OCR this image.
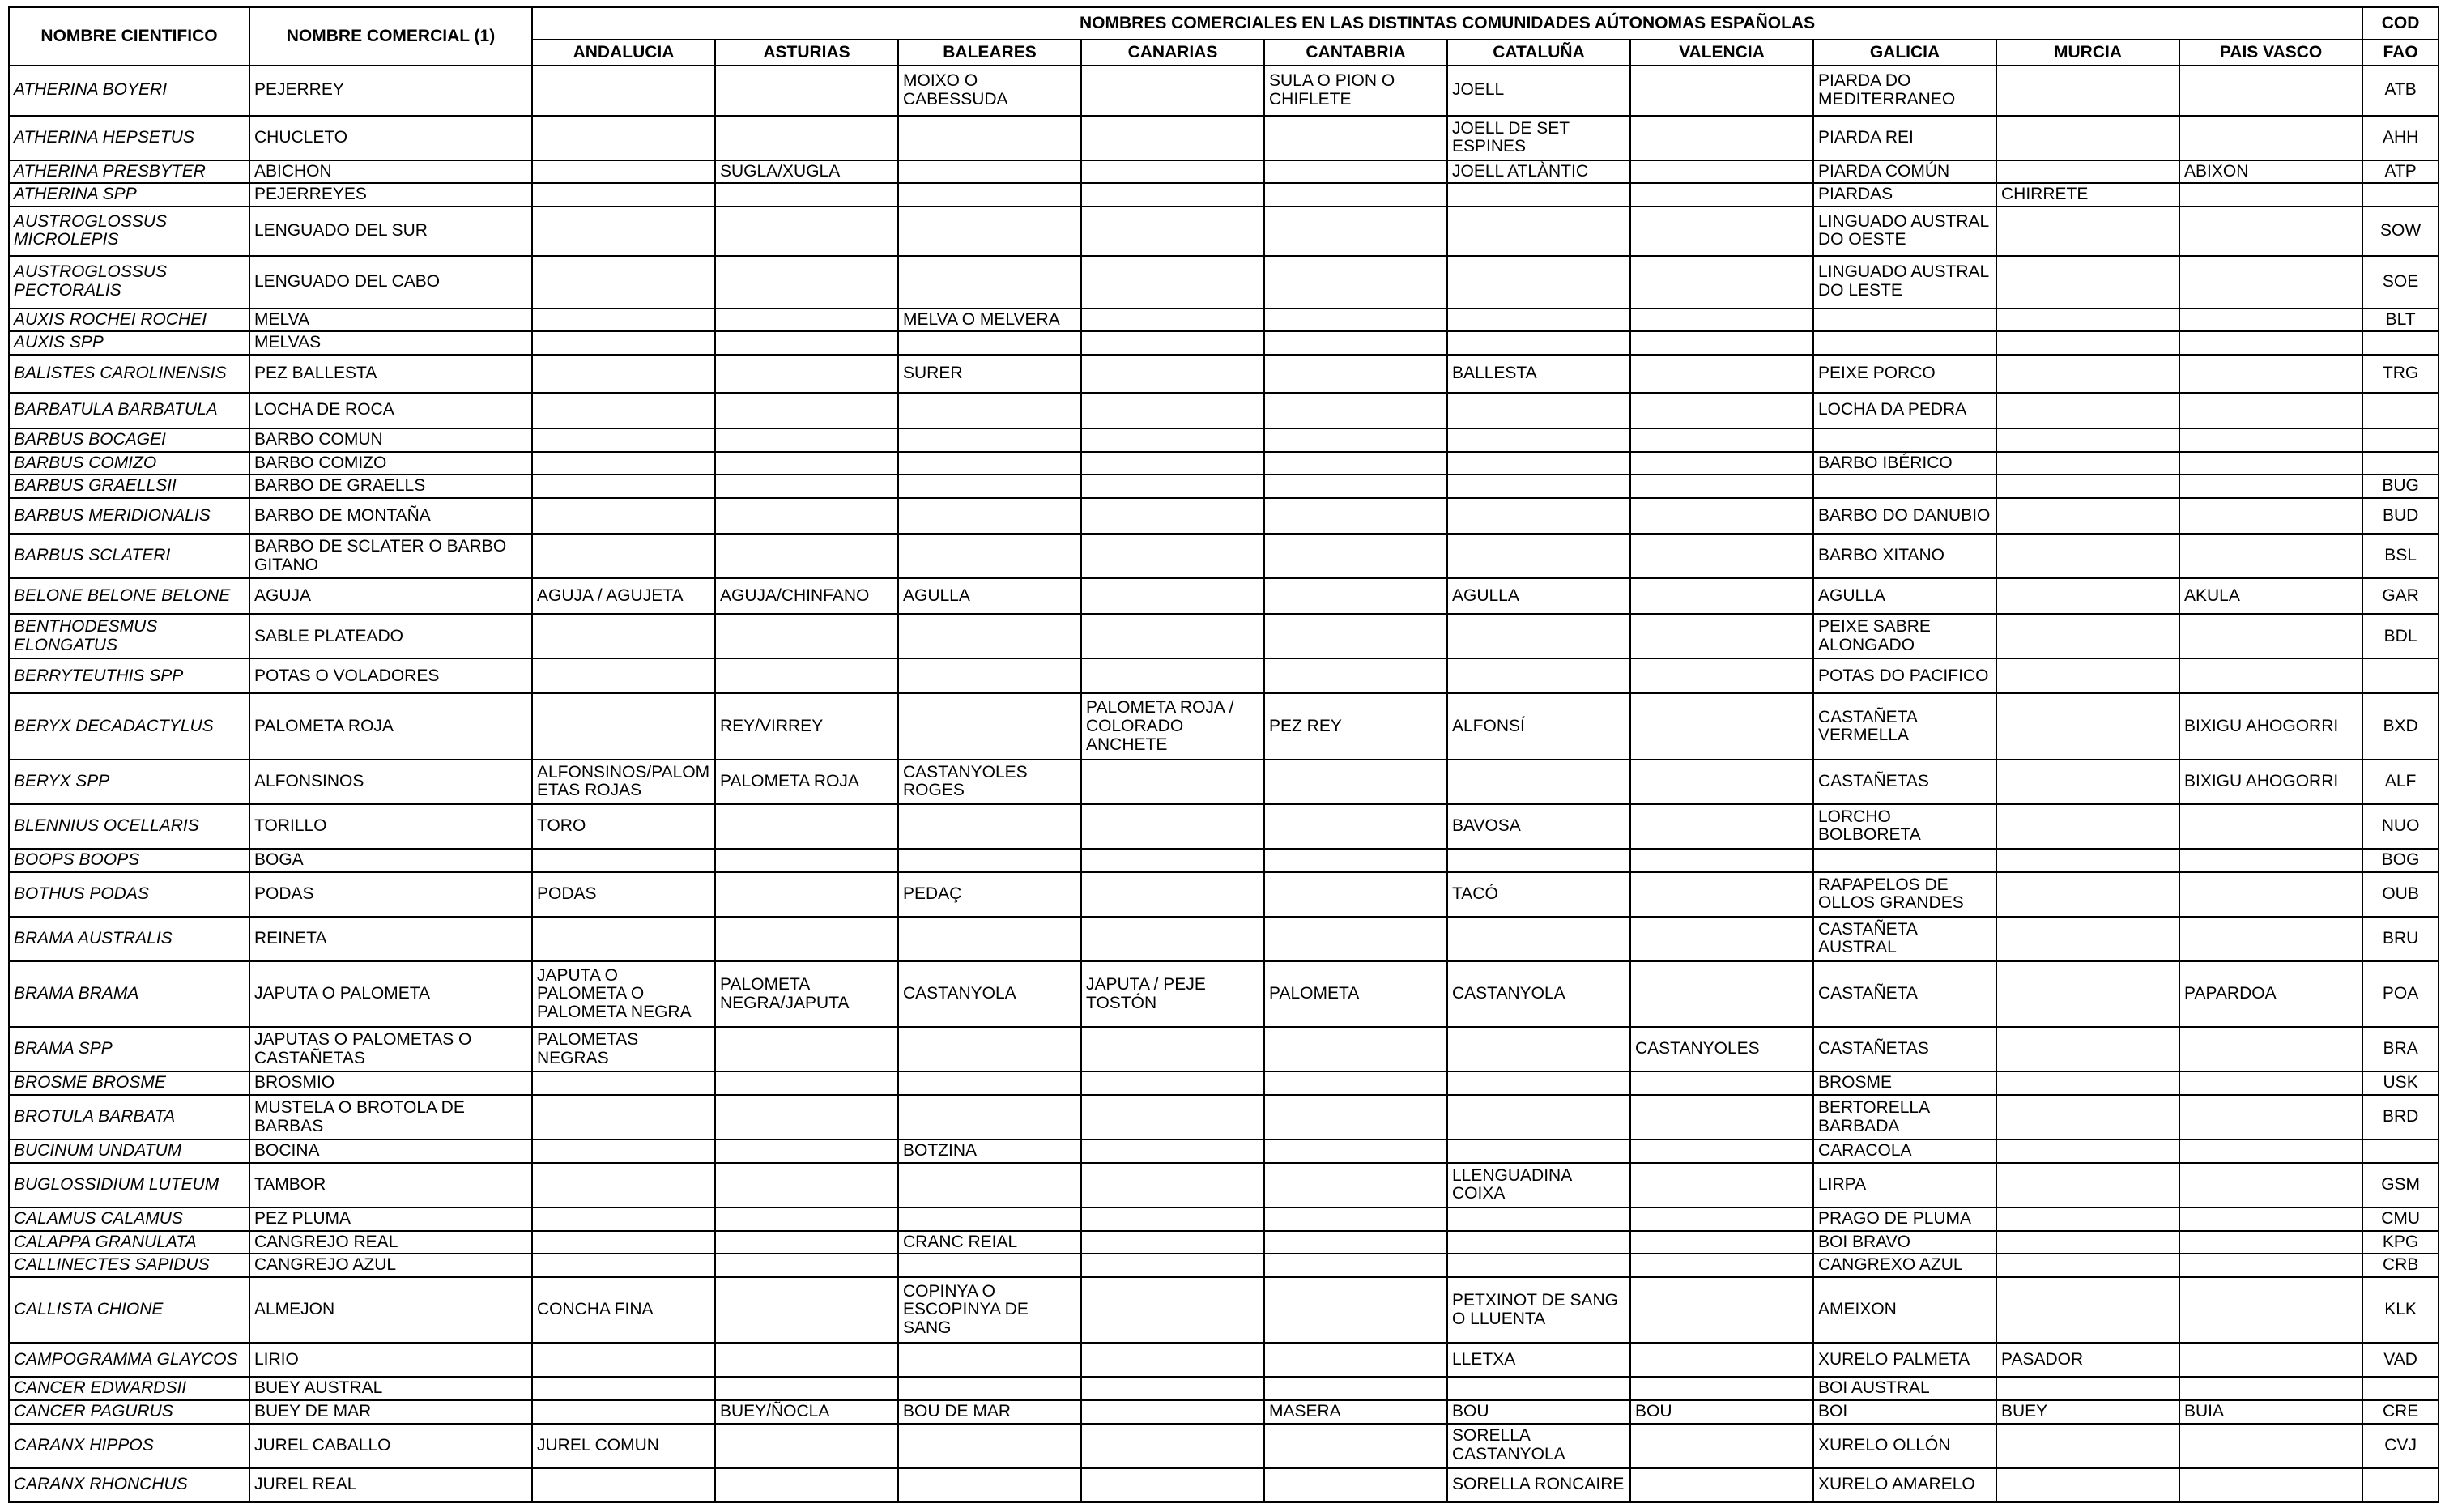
NOMBRE CIENTIFICO	NOMBRE COMERCIAL (1)	NOMBRES COMERCIALES EN LAS DISTINTAS COMUNIDADES AÚTONOMAS ESPAÑOLAS										COD
		ANDALUCIA	ASTURIAS	BALEARES	CANARIAS	CANTABRIA	CATALUÑA	VALENCIA	GALICIA	MURCIA	PAIS VASCO	FAO
ATHERINA BOYERI	PEJERREY			MOIXO O CABESSUDA		SULA O PION O CHIFLETE	JOELL		PIARDA DO MEDITERRANEO			ATB
ATHERINA HEPSETUS	CHUCLETO						JOELL DE SET ESPINES		PIARDA REI			AHH
ATHERINA PRESBYTER	ABICHON		SUGLA/XUGLA				JOELL ATLÀNTIC		PIARDA COMÚN		ABIXON	ATP
ATHERINA SPP	PEJERREYES								PIARDAS	CHIRRETE		
AUSTROGLOSSUS MICROLEPIS	LENGUADO DEL SUR								LINGUADO AUSTRAL DO OESTE			SOW
AUSTROGLOSSUS PECTORALIS	LENGUADO DEL CABO								LINGUADO AUSTRAL DO LESTE			SOE
AUXIS ROCHEI ROCHEI	MELVA			MELVA O MELVERA								BLT
AUXIS SPP	MELVAS											
BALISTES CAROLINENSIS	PEZ BALLESTA			SURER			BALLESTA		PEIXE PORCO			TRG
BARBATULA BARBATULA	LOCHA DE ROCA								LOCHA DA PEDRA			
BARBUS BOCAGEI	BARBO COMUN											
BARBUS COMIZO	BARBO COMIZO								BARBO IBÉRICO			
BARBUS GRAELLSII	BARBO DE GRAELLS											BUG
BARBUS MERIDIONALIS	BARBO DE MONTAÑA								BARBO DO DANUBIO			BUD
BARBUS SCLATERI	BARBO DE SCLATER O BARBO GITANO								BARBO XITANO			BSL
BELONE BELONE BELONE	AGUJA	AGUJA / AGUJETA	AGUJA/CHINFANO	AGULLA			AGULLA		AGULLA		AKULA	GAR
BENTHODESMUS ELONGATUS	SABLE PLATEADO								PEIXE SABRE ALONGADO			BDL
BERRYTEUTHIS SPP	POTAS O VOLADORES								POTAS DO PACIFICO			
BERYX DECADACTYLUS	PALOMETA ROJA		REY/VIRREY		PALOMETA ROJA / COLORADO ANCHETE	PEZ REY	ALFONSÍ		CASTAÑETA VERMELLA		BIXIGU AHOGORRI	BXD
BERYX SPP	ALFONSINOS	ALFONSINOS/PALOMETAS ROJAS	PALOMETA ROJA	CASTANYOLES ROGES					CASTAÑETAS		BIXIGU AHOGORRI	ALF
BLENNIUS OCELLARIS	TORILLO	TORO					BAVOSA		LORCHO BOLBORETA			NUO
BOOPS BOOPS	BOGA											BOG
BOTHUS PODAS	PODAS	PODAS		PEDAÇ			TACÓ		RAPAPELOS DE OLLOS GRANDES			OUB
BRAMA AUSTRALIS	REINETA								CASTAÑETA AUSTRAL			BRU
BRAMA BRAMA	JAPUTA O PALOMETA	JAPUTA O PALOMETA O PALOMETA NEGRA	PALOMETA NEGRA/JAPUTA	CASTANYOLA	JAPUTA / PEJE TOSTÓN	PALOMETA	CASTANYOLA		CASTAÑETA		PAPARDOA	POA
BRAMA SPP	JAPUTAS O PALOMETAS O CASTAÑETAS	PALOMETAS NEGRAS						CASTANYOLES	CASTAÑETAS			BRA
BROSME BROSME	BROSMIO								BROSME			USK
BROTULA BARBATA	MUSTELA O BROTOLA DE BARBAS								BERTORELLA BARBADA			BRD
BUCINUM UNDATUM	BOCINA			BOTZINA					CARACOLA			
BUGLOSSIDIUM LUTEUM	TAMBOR						LLENGUADINA COIXA		LIRPA			GSM
CALAMUS CALAMUS	PEZ PLUMA								PRAGO DE PLUMA			CMU
CALAPPA GRANULATA	CANGREJO REAL			CRANC REIAL					BOI BRAVO			KPG
CALLINECTES SAPIDUS	CANGREJO AZUL								CANGREXO AZUL			CRB
CALLISTA CHIONE	ALMEJON	CONCHA FINA		COPINYA O ESCOPINYA DE SANG			PETXINOT DE SANG O LLUENTA		AMEIXON			KLK
CAMPOGRAMMA GLAYCOS	LIRIO						LLETXA		XURELO PALMETA	PASADOR		VAD
CANCER EDWARDSII	BUEY AUSTRAL								BOI AUSTRAL			
CANCER PAGURUS	BUEY DE MAR		BUEY/ÑOCLA	BOU DE MAR		MASERA	BOU	BOU	BOI	BUEY	BUIA	CRE
CARANX HIPPOS	JUREL CABALLO	JUREL COMUN					SORELLA CASTANYOLA		XURELO OLLÓN			CVJ
CARANX RHONCHUS	JUREL REAL						SORELLA RONCAIRE		XURELO AMARELO			
